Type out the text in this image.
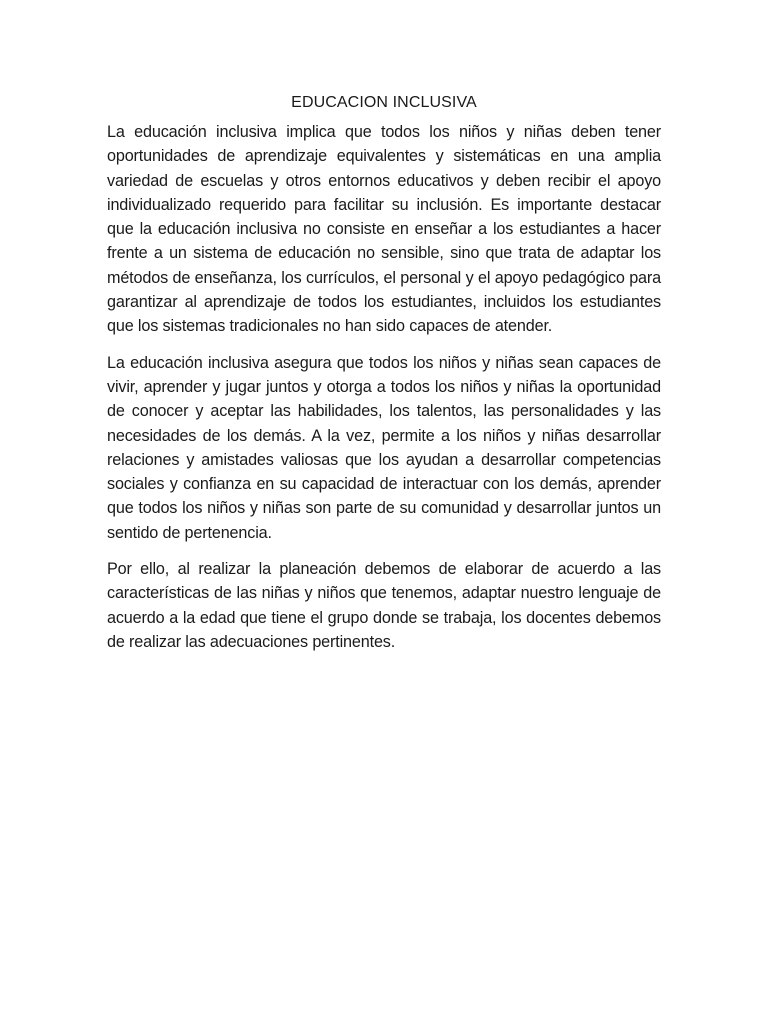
EDUCACION INCLUSIVA

La educación inclusiva implica que todos los niños y niñas deben tener oportunidades de aprendizaje equivalentes y sistemáticas en una amplia variedad de escuelas y otros entornos educativos y deben recibir el apoyo individualizado requerido para facilitar su inclusión. Es importante destacar que la educación inclusiva no consiste en enseñar a los estudiantes a hacer frente a un sistema de educación no sensible, sino que trata de adaptar los métodos de enseñanza, los currículos, el personal y el apoyo pedagógico para garantizar al aprendizaje de todos los estudiantes, incluidos los estudiantes que los sistemas tradicionales no han sido capaces de atender.

La educación inclusiva asegura que todos los niños y niñas sean capaces de vivir, aprender y jugar juntos y otorga a todos los niños y niñas la oportunidad de conocer y aceptar las habilidades, los talentos, las personalidades y las necesidades de los demás. A la vez, permite a los niños y niñas desarrollar relaciones y amistades valiosas que los ayudan a desarrollar competencias sociales y confianza en su capacidad de interactuar con los demás, aprender que todos los niños y niñas son parte de su comunidad y desarrollar juntos un sentido de pertenencia.

Por ello, al realizar la planeación debemos de elaborar de acuerdo a las características de las niñas y niños que tenemos, adaptar nuestro lenguaje de acuerdo a la edad que tiene el grupo donde se trabaja, los docentes debemos de realizar las adecuaciones pertinentes.
